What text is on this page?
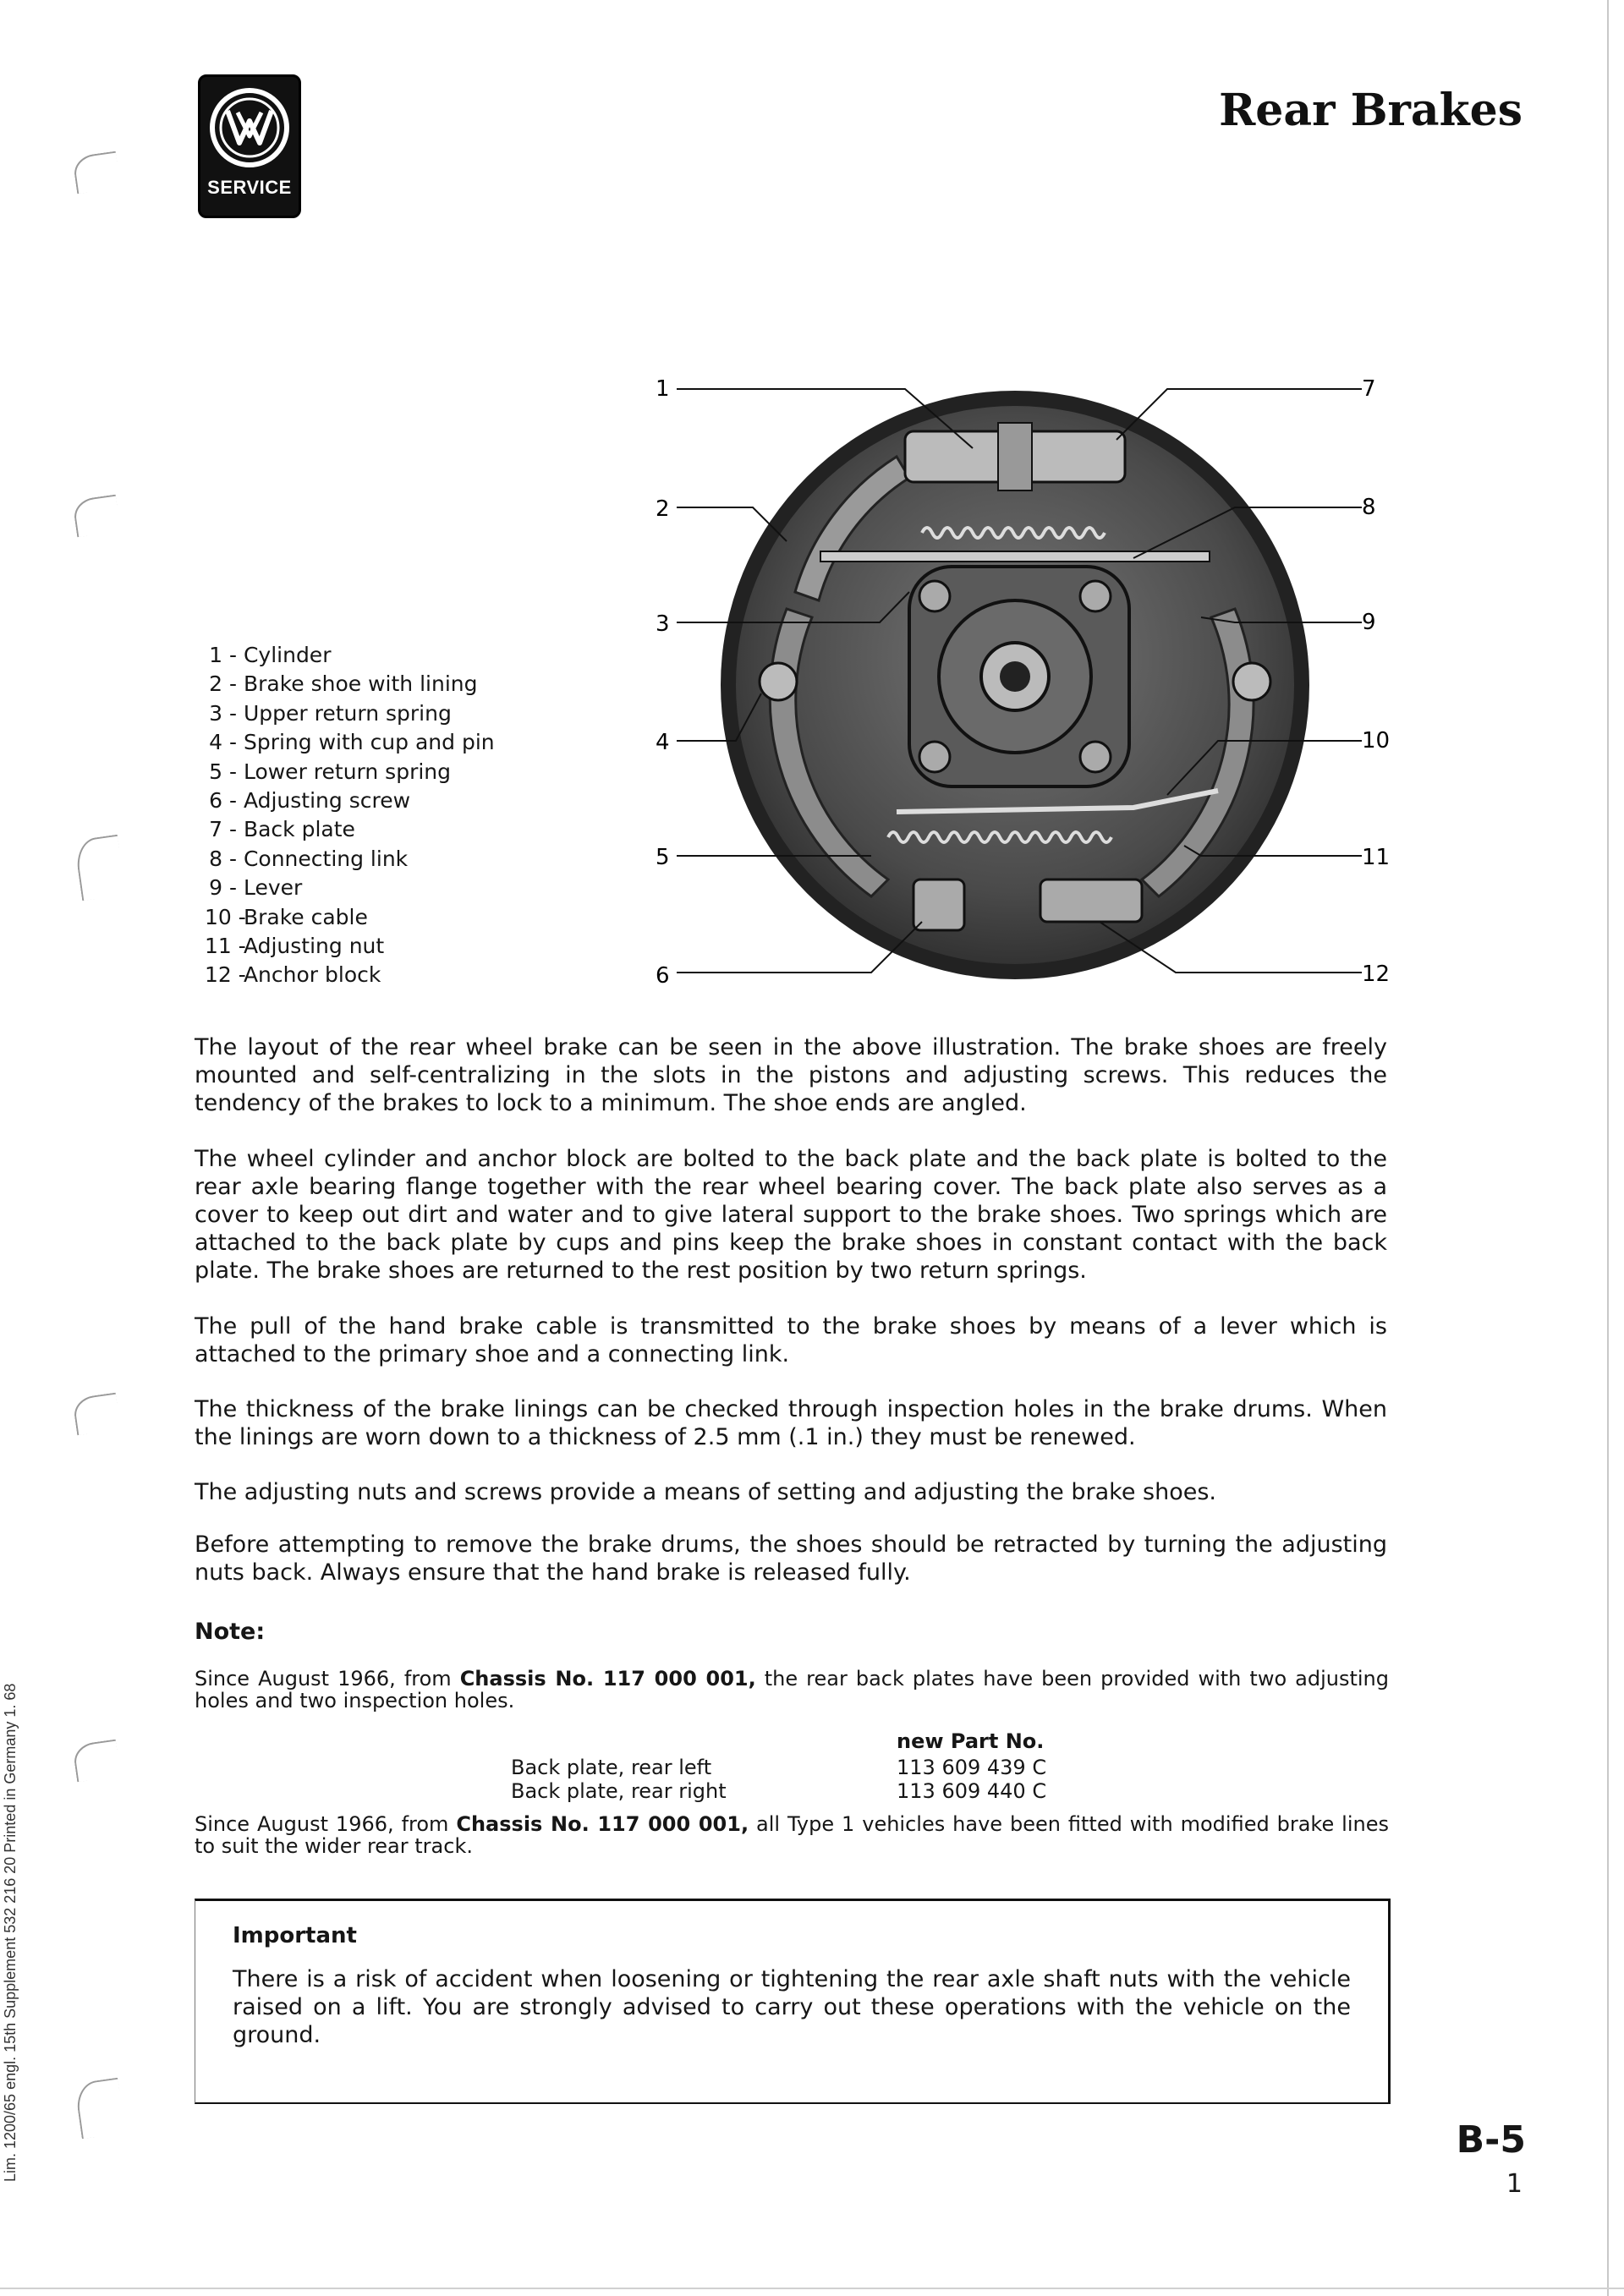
Lim. 1200/65 engl. 15th Supplement 532 216 20 Printed in Germany 1. 68
SERVICE
Rear Brakes
1 - Cylinder
2 - Brake shoe with lining
3 - Upper return spring
4 - Spring with cup and pin
5 - Lower return spring
6 - Adjusting screw
7 - Back plate
8 - Connecting link
9 - Lever
10 - Brake cable
11 - Adjusting nut
12 - Anchor block
1
2
3
4
5
6
7
8
9
10
11
12
The layout of the rear wheel brake can be seen in the above illustration. The brake shoes are freely mounted and self-centralizing in the slots in the pistons and adjusting screws. This reduces the tendency of the brakes to lock to a minimum. The shoe ends are angled.
The wheel cylinder and anchor block are bolted to the back plate and the back plate is bolted to the rear axle bearing flange together with the rear wheel bearing cover. The back plate also serves as a cover to keep out dirt and water and to give lateral support to the brake shoes. Two springs which are attached to the back plate by cups and pins keep the brake shoes in constant contact with the back plate. The brake shoes are returned to the rest position by two return springs.
The pull of the hand brake cable is transmitted to the brake shoes by means of a lever which is attached to the primary shoe and a connecting link.
The thickness of the brake linings can be checked through inspection holes in the brake drums. When the linings are worn down to a thickness of 2.5 mm (.1 in.) they must be renewed.
The adjusting nuts and screws provide a means of setting and adjusting the brake shoes.
Before attempting to remove the brake drums, the shoes should be retracted by turning the adjusting nuts back. Always ensure that the hand brake is released fully.
Note:
Since August 1966, from Chassis No. 117 000 001, the rear back plates have been provided with two adjusting holes and two inspection holes.
new Part No.
Back plate, rear left	113 609 439 C
Back plate, rear right	113 609 440 C
Since August 1966, from Chassis No. 117 000 001, all Type 1 vehicles have been fitted with modified brake lines to suit the wider rear track.
Important
There is a risk of accident when loosening or tightening the rear axle shaft nuts with the vehicle raised on a lift. You are strongly advised to carry out these operations with the vehicle on the ground.
B-5
1
